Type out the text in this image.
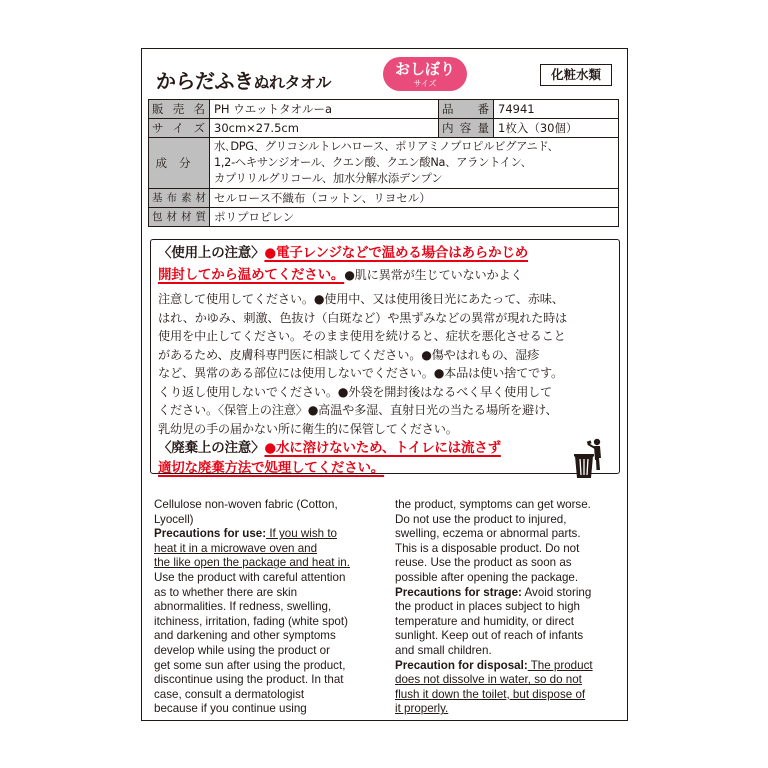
からだふきぬれタオル
おしぼり
サイズ
化粧水類
販売名	PH ウエットタオルーa	品番	74941
サイズ	30cm×27.5cm	内容量	1枚入（30個）
成分	水､DPG、グリコシルトレハロース、ポリアミノプロピルビグアニド、
1,2-ヘキサンジオール、クエン酸、クエン酸Na、アラントイン、
カプリリルグリコール、加水分解水添デンプン		

基布素材	セルロース不織布（コットン、リヨセル）		
包材材質	ポリプロピレン		
〈使用上の注意〉●電子レンジなどで温める場合はあらかじめ
開封してから温めてください。●肌に異常が生じていないかよく
注意して使用してください。●使用中、又は使用後日光にあたって、赤味、
はれ、かゆみ、刺激、色抜け（白斑など）や黒ずみなどの異常が現れた時は
使用を中止してください。そのまま使用を続けると、症状を悪化させること
があるため、皮膚科専門医に相談してください。●傷やはれもの、湿疹
など、異常のある部位には使用しないでください。●本品は使い捨てです。
くり返し使用しないでください。●外袋を開封後はなるべく早く使用して
ください。〈保管上の注意〉●高温や多湿、直射日光の当たる場所を避け、
乳幼児の手の届かない所に衛生的に保管してください。
〈廃棄上の注意〉●水に溶けないため、トイレには流さず
適切な廃棄方法で処理してください。
Cellulose non-woven fabric (Cotton,
Lyocell)
Precautions for use: If you wish to
heat it in a microwave oven and
the like open the package and heat in.
Use the product with careful attention
as to whether there are skin
abnormalities. If redness, swelling,
itchiness, irritation, fading (white spot)
and darkening and other symptoms
develop while using the product or
get some sun after using the product,
discontinue using the product. In that
case, consult a dermatologist
because if you continue using
the product, symptoms can get worse.
Do not use the product to injured,
swelling, eczema or abnormal parts.
This is a disposable product. Do not
reuse. Use the product as soon as
possible after opening the package.
Precautions for strage: Avoid storing
the product in places subject to high
temperature and humidity, or direct
sunlight. Keep out of reach of infants
and small children.
Precaution for disposal: The product
does not dissolve in water, so do not
flush it down the toilet, but dispose of
it properly.
